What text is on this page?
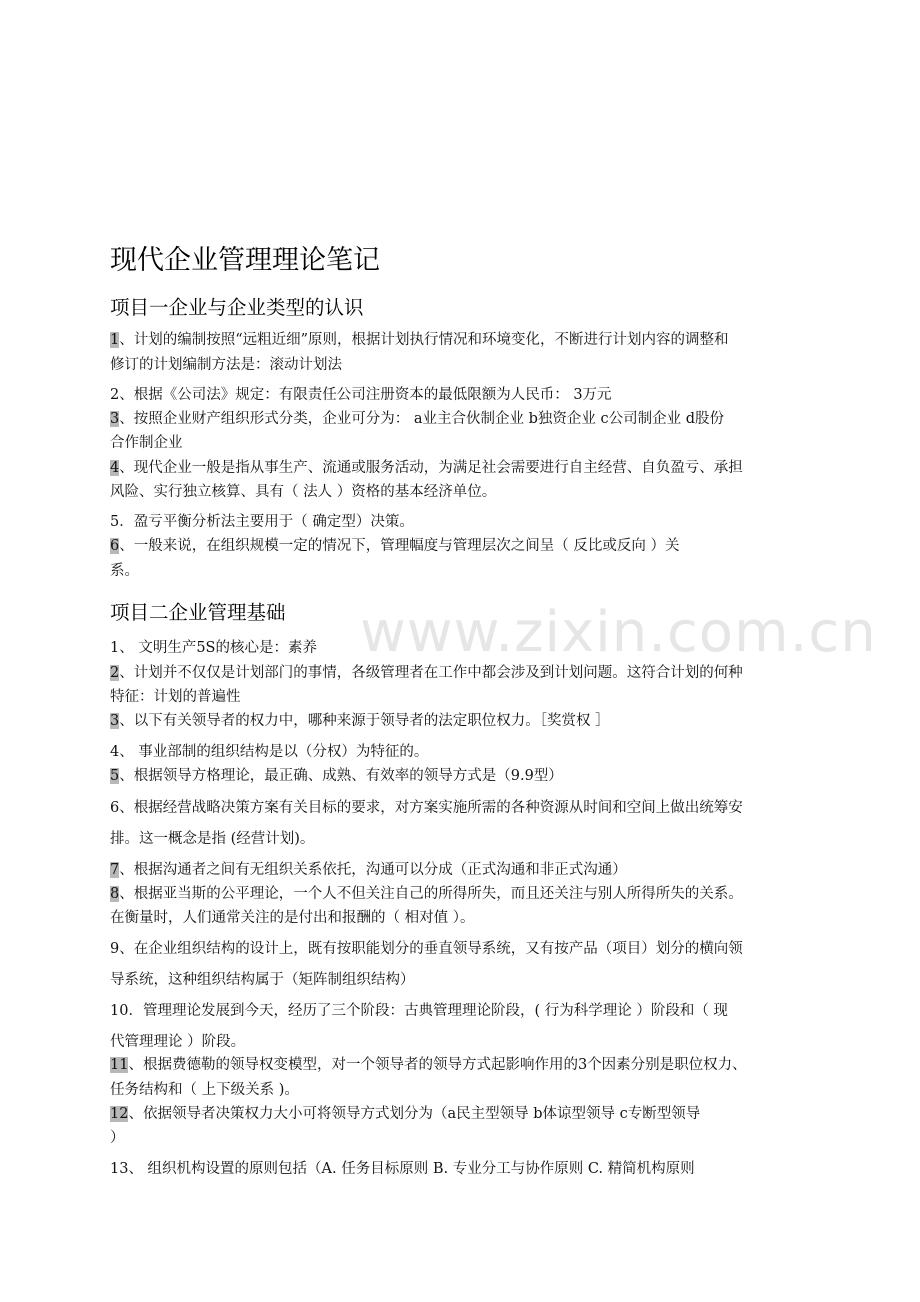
www.zixin.com.cn
现代企业管理理论笔记
项目一企业与企业类型的认识
1、计划的编制按照“远粗近细”原则，根据计划执行情况和环境变化，不断进行计划内容的调整和
修订的计划编制方法是：滚动计划法
2、根据《公司法》规定：有限责任公司注册资本的最低限额为人民币： 3万元
3、按照企业财产组织形式分类，企业可分为： a业主合伙制企业 b独资企业 c公司制企业 d股份
合作制企业
4、现代企业一般是指从事生产、流通或服务活动，为满足社会需要进行自主经营、自负盈亏、承担
风险、实行独立核算、具有（ 法人 ）资格的基本经济单位。
5．盈亏平衡分析法主要用于（ 确定型）决策。
6、一般来说，在组织规模一定的情况下，管理幅度与管理层次之间呈（ 反比或反向 ）关
系。
项目二企业管理基础
1、 文明生产5S的核心是：素养
2、计划并不仅仅是计划部门的事情，各级管理者在工作中都会涉及到计划问题。这符合计划的何种
特征：计划的普遍性
3、以下有关领导者的权力中，哪种来源于领导者的法定职位权力。［奖赏权 ］
4、 事业部制的组织结构是以（分权）为特征的。
5、根据领导方格理论，最正确、成熟、有效率的领导方式是（9.9型）
6、根据经营战略决策方案有关目标的要求，对方案实施所需的各种资源从时间和空间上做出统筹安
排。这一概念是指 (经营计划)。
7、根据沟通者之间有无组织关系依托，沟通可以分成（正式沟通和非正式沟通）
8、根据亚当斯的公平理论，一个人不但关注自己的所得所失，而且还关注与别人所得所失的关系。
在衡量时，人们通常关注的是付出和报酬的（ 相对值 ）。
9、在企业组织结构的设计上，既有按职能划分的垂直领导系统，又有按产品（项目）划分的横向领
导系统，这种组织结构属于（矩阵制组织结构）
10．管理理论发展到今天，经历了三个阶段：古典管理理论阶段，( 行为科学理论 ）阶段和（ 现
代管理理论 ）阶段。
11、根据费德勒的领导权变模型，对一个领导者的领导方式起影响作用的3个因素分别是职位权力、
任务结构和（ 上下级关系 )。
12、依据领导者决策权力大小可将领导方式划分为（a民主型领导 b体谅型领导 c专断型领导
）
13、 组织机构设置的原则包括（A. 任务目标原则 B. 专业分工与协作原则 C. 精简机构原则
